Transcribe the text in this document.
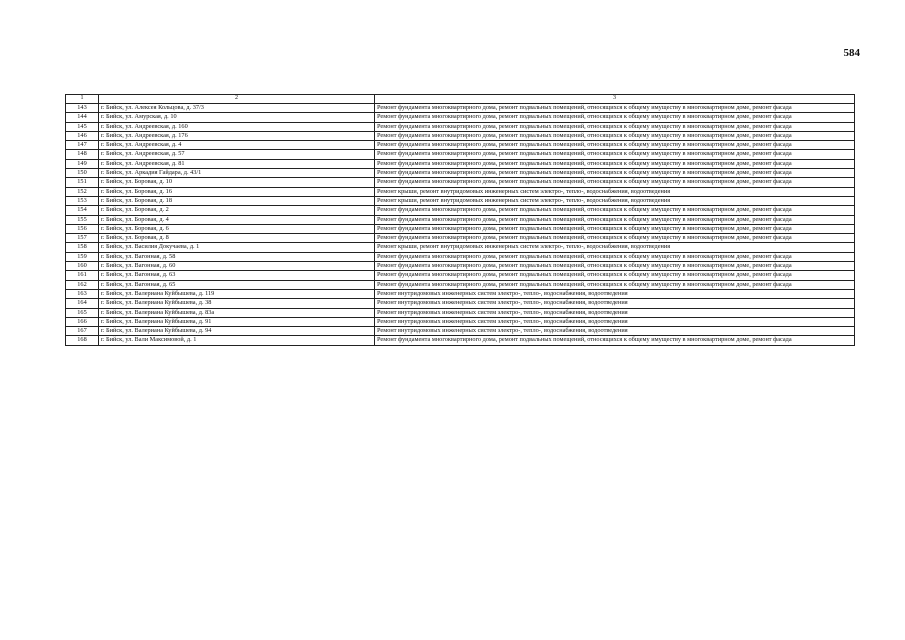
584
1	2	3
143	г. Бийск, ул. Алексея Кольцова, д. 37/3	Ремонт фундамента многоквартирного дома, ремонт подвальных помещений, относящихся к общему имуществу в многоквартирном доме, ремонт фасада
144	г. Бийск, ул. Амурская, д. 10	Ремонт фундамента многоквартирного дома, ремонт подвальных помещений, относящихся к общему имуществу в многоквартирном доме, ремонт фасада
145	г. Бийск, ул. Андреевская, д. 160	Ремонт фундамента многоквартирного дома, ремонт подвальных помещений, относящихся к общему имуществу в многоквартирном доме, ремонт фасада
146	г. Бийск, ул. Андреевская, д. 176	Ремонт фундамента многоквартирного дома, ремонт подвальных помещений, относящихся к общему имуществу в многоквартирном доме, ремонт фасада
147	г. Бийск, ул. Андреевская, д. 4	Ремонт фундамента многоквартирного дома, ремонт подвальных помещений, относящихся к общему имуществу в многоквартирном доме, ремонт фасада
148	г. Бийск, ул. Андреевская, д. 57	Ремонт фундамента многоквартирного дома, ремонт подвальных помещений, относящихся к общему имуществу в многоквартирном доме, ремонт фасада
149	г. Бийск, ул. Андреевская, д. 81	Ремонт фундамента многоквартирного дома, ремонт подвальных помещений, относящихся к общему имуществу в многоквартирном доме, ремонт фасада
150	г. Бийск, ул. Аркадия Гайдара, д. 43/1	Ремонт фундамента многоквартирного дома, ремонт подвальных помещений, относящихся к общему имуществу в многоквартирном доме, ремонт фасада
151	г. Бийск, ул. Боровая, д. 10	Ремонт фундамента многоквартирного дома, ремонт подвальных помещений, относящихся к общему имуществу в многоквартирном доме, ремонт фасада
152	г. Бийск, ул. Боровая, д. 16	Ремонт крыши, ремонт внутридомовых инженерных систем электро-, тепло-, водоснабжения, водоотведения
153	г. Бийск, ул. Боровая, д. 18	Ремонт крыши, ремонт внутридомовых инженерных систем электро-, тепло-, водоснабжения, водоотведения
154	г. Бийск, ул. Боровая, д. 2	Ремонт фундамента многоквартирного дома, ремонт подвальных помещений, относящихся к общему имуществу в многоквартирном доме, ремонт фасада
155	г. Бийск, ул. Боровая, д. 4	Ремонт фундамента многоквартирного дома, ремонт подвальных помещений, относящихся к общему имуществу в многоквартирном доме, ремонт фасада
156	г. Бийск, ул. Боровая, д. 6	Ремонт фундамента многоквартирного дома, ремонт подвальных помещений, относящихся к общему имуществу в многоквартирном доме, ремонт фасада
157	г. Бийск, ул. Боровая, д. 8	Ремонт фундамента многоквартирного дома, ремонт подвальных помещений, относящихся к общему имуществу в многоквартирном доме, ремонт фасада
158	г. Бийск, ул. Василия Докучаева, д. 1	Ремонт крыши, ремонт внутридомовых инженерных систем электро-, тепло-, водоснабжения, водоотведения
159	г. Бийск, ул. Вагонная, д. 58	Ремонт фундамента многоквартирного дома, ремонт подвальных помещений, относящихся к общему имуществу в многоквартирном доме, ремонт фасада
160	г. Бийск, ул. Вагонная, д. 60	Ремонт фундамента многоквартирного дома, ремонт подвальных помещений, относящихся к общему имуществу в многоквартирном доме, ремонт фасада
161	г. Бийск, ул. Вагонная, д. 63	Ремонт фундамента многоквартирного дома, ремонт подвальных помещений, относящихся к общему имуществу в многоквартирном доме, ремонт фасада
162	г. Бийск, ул. Вагонная, д. 65	Ремонт фундамента многоквартирного дома, ремонт подвальных помещений, относящихся к общему имуществу в многоквартирном доме, ремонт фасада
163	г. Бийск, ул. Валериана Куйбышева, д. 119	Ремонт внутридомовых инженерных систем электро-, тепло-, водоснабжения, водоотведения
164	г. Бийск, ул. Валериана Куйбышева, д. 38	Ремонт внутридомовых инженерных систем электро-, тепло-, водоснабжения, водоотведения
165	г. Бийск, ул. Валериана Куйбышева, д. 83а	Ремонт внутридомовых инженерных систем электро-, тепло-, водоснабжения, водоотведения
166	г. Бийск, ул. Валериана Куйбышева, д. 91	Ремонт внутридомовых инженерных систем электро-, тепло-, водоснабжения, водоотведения
167	г. Бийск, ул. Валериана Куйбышева, д. 94	Ремонт внутридомовых инженерных систем электро-, тепло-, водоснабжения, водоотведения
168	г. Бийск, ул. Вали Максимовой, д. 1	Ремонт фундамента многоквартирного дома, ремонт подвальных помещений, относящихся к общему имуществу в многоквартирном доме, ремонт фасада
